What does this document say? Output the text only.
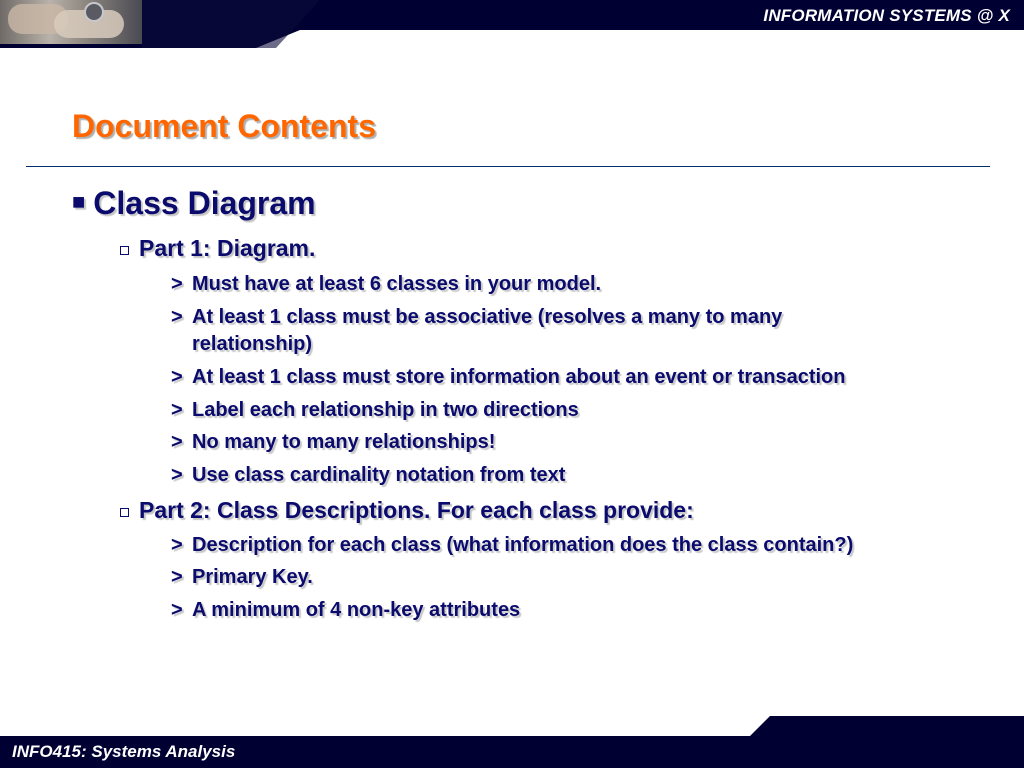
INFORMATION SYSTEMS @ X
Document Contents
■ Class Diagram
Part 1: Diagram.
> Must have at least 6 classes in your model.
> At least 1 class must be associative (resolves a many to many relationship)
> At least 1 class must store information about an event or transaction
> Label each relationship in two directions
> No many to many relationships!
> Use class cardinality notation from text
Part 2: Class Descriptions. For each class provide:
> Description for each class (what information does the class contain?)
> Primary Key.
> A minimum of 4 non-key attributes
INFO415: Systems Analysis
